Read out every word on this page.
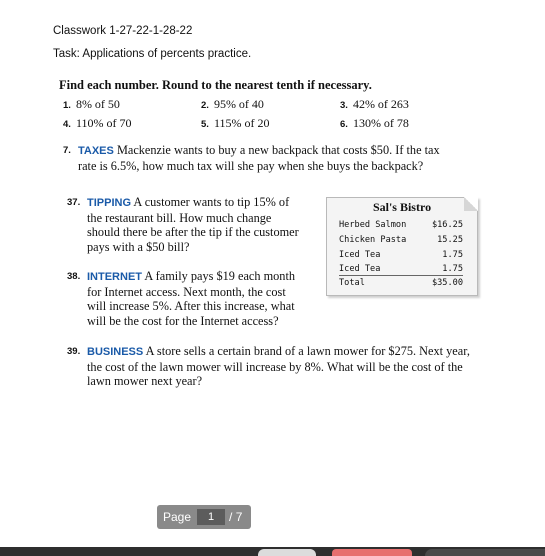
Classwork 1-27-22-1-28-22
Task: Applications of percents practice.
Find each number. Round to the nearest tenth if necessary.
1. 8% of 50	2. 95% of 40	3. 42% of 263
4. 110% of 70	5. 115% of 20	6. 130% of 78
7. TAXES Mackenzie wants to buy a new backpack that costs $50. If the tax
rate is 6.5%, how much tax will she pay when she buys the backpack?
37. TIPPING A customer wants to tip 15% of
the restaurant bill. How much change
should there be after the tip if the customer
pays with a $50 bill?
Sal's Bistro
Herbed Salmon	$16.25
Chicken Pasta	15.25
Iced Tea	1.75
Iced Tea	1.75
Total	$35.00
38. INTERNET A family pays $19 each month
for Internet access. Next month, the cost
will increase 5%. After this increase, what
will be the cost for the Internet access?
39. BUSINESS A store sells a certain brand of a lawn mower for $275. Next year,
the cost of the lawn mower will increase by 8%. What will be the cost of the
lawn mower next year?
Page	1	/ 7
